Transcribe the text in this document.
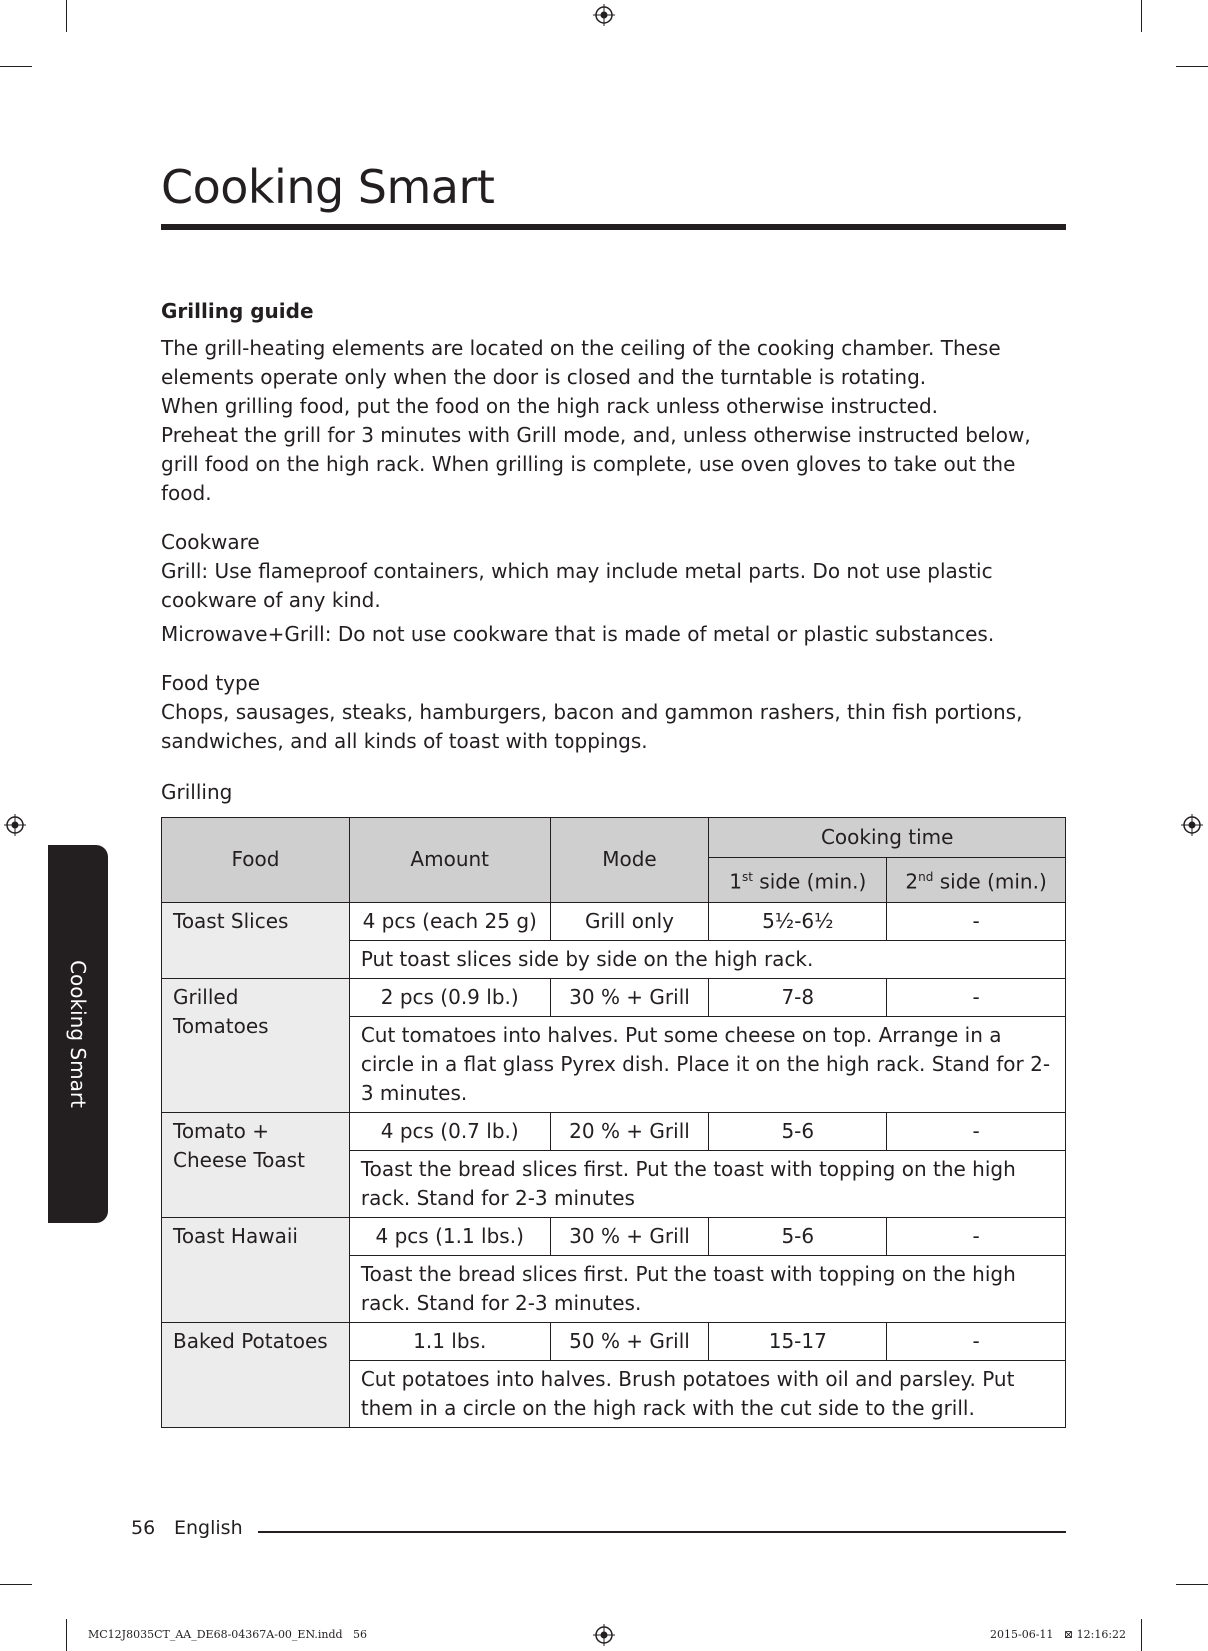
Cooking Smart
Cooking Smart

Grilling guide

The grill-heating elements are located on the ceiling of the cooking chamber. These elements operate only when the door is closed and the turntable is rotating.

When grilling food, put the food on the high rack unless otherwise instructed.

Preheat the grill for 3 minutes with Grill mode, and, unless otherwise instructed below, grill food on the high rack. When grilling is complete, use oven gloves to take out the food.

Cookware

Grill: Use flameproof containers, which may include metal parts. Do not use plastic cookware of any kind.

Microwave+Grill: Do not use cookware that is made of metal or plastic substances.

Food type

Chops, sausages, steaks, hamburgers, bacon and gammon rashers, thin fish portions, sandwiches, and all kinds of toast with toppings.

Grilling

Food	Amount	Mode	Cooking time	
			1st side (min.)	2nd side (min.)
Toast Slices	4 pcs (each 25 g)	Grill only	5½-6½	-
	Put toast slices side by side on the high rack.			
Grilled Tomatoes	2 pcs (0.9 lb.)	30 % + Grill	7-8	-
	Cut tomatoes into halves. Put some cheese on top. Arrange in a circle in a flat glass Pyrex dish. Place it on the high rack. Stand for 2-3 minutes.			
Tomato + Cheese Toast	4 pcs (0.7 lb.)	20 % + Grill	5-6	-
	Toast the bread slices first. Put the toast with topping on the high rack. Stand for 2-3 minutes			
Toast Hawaii	4 pcs (1.1 lbs.)	30 % + Grill	5-6	-
	Toast the bread slices first. Put the toast with topping on the high rack. Stand for 2-3 minutes.			
Baked Potatoes	1.1 lbs.	50 % + Grill	15-17	-
	Cut potatoes into halves. Brush potatoes with oil and parsley. Put them in a circle on the high rack with the cut side to the grill.			
56 English
MC12J8035CT_AA_DE68-04367A-00_EN.indd   56	2015-06-11   ⊠ 12:16:22
